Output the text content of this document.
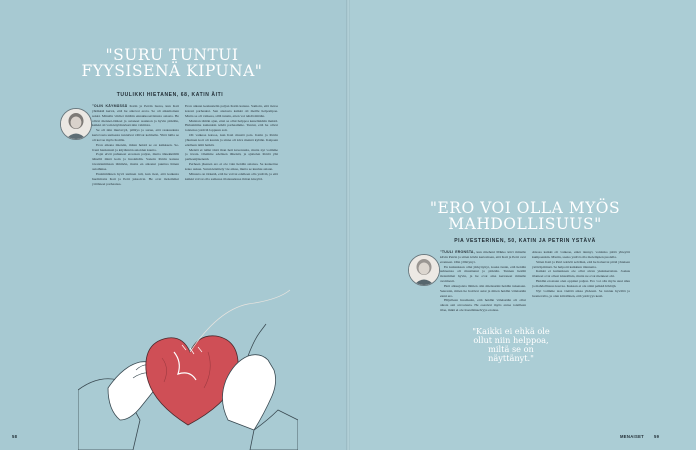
"SURU TUNTUI
FYYSISENÄ KIPUNA"

TUULIKKI HIETANEN, 68, KATIN ÄITI

"OLIN KÄYMÄSSÄ Katin ja Petrin luona, kun Kati yhtäkkiä kertoi, että he aikovat erota. Se oli aikamoinen sokki. Minulla viiriiet mitään ennakkoaavistusta asiasta. He olivat mennet-tänleet ja ostaneet asunnon ja hyvin pitkälle, kaikki oli vain käytännössä niin valmista.

Se oli niin murtavyä, pillitys ja surua, että raskaudesta kertovasta uutisesta tuntuivat välivat kolmelle. Yhtä lailla se oli kovaa myös Katille.

Eron aikana mietein, miten heistä se on kaikkeen. Se-lveni hankalasti ja käytännön asioiden kautta.

Pojat eivät puhuneet erostaan paljon, mutta äänekkäällä äänellä minä koin ja huolehdin. Sanoin Petrin kanssa tavantiemmaan lämmön, mutta en aikonut puuttua hänen asioihinsa.

Ensimmäinen hyvä uutinen tuli, kun tiesi, että kaikesta huolimatta Kati ja Petri jaksoivat. He ovat molemmat yrittäneet parhaansa.

Eron aikaan keskustelin paljon Katin kanssa. Samoin, että tietoa kotoni parhaaksi. Sen ansiosta kaikki oli meille helpompaa. Mutta se oli vaikeaa, sillä tunsin, etten voi tehdä mitään.

Muistan tämän ajan, ettei se ollut helppoa kenellekään meistä. Halusimme kuitenkin tehdä parhaamme. Tuntui, että he olivat toistensa ystäviä loppuun asti.

Oli vaikeaa katsoa, kun Kati muutti pois. Katin ja Petrin yhteinen koti oli kaunis ja sinne oli kiva mennä kylään. Kaipaan edelleen niitä hetkiä.

Meistä ei tullut tästä ihan heti kaveruutta, mutta nyt voimme jo tavata. Olemme edelleen läheisiä, ja ajattelen Petriä yhä perheenjäsenenä.

Perheen jäsenen ero ei ole vain heidän asiansa. Se koskettaa koko sukua. Surun käsittely vie aikaa, mutta se kuuluu asiaan.

Minusta on tärkeää, että he voivat edelleen olla ystäviä, ja että kaikki voivat olla samassa tilaisuudessa ilman kireyttä.

58
"ERO VOI OLLA MYÖS
MAHDOLLISUUS"

PIA VESTERINEN, 50, KATIN JA PETRIN YSTÄVÄ

"TUULI ERONSTA, kun mieheni Mikko kävi minulle kävin Petrin ja sitten kävin kertomaan, että Kati ja Petri ovat eronneet. Olin yllättynyt.

En kuitenkaan ollut järkyttynyt, koska tiesin, että heidän suhteensa oli muuttunut jo pitkään. Tunnen heidät molemmat hyvin, ja he ovat aina kertoneet minulle avoimesti.

Heti alkuajoista lähtien olin mielessäni heidän tukenaan. Seurasin, miten he hoitivat asiat ja miten heidän väleissään eteni ero.

Hiljalleen huomasin, että heidän väleissään oli ollut alusta asti arvostusta. He osasivat myös antaa toisilleen tilaa, mikä ei ole itsestäänselvyys eroissa.

"Kaikki ei ehkä ole ollut niin helppoa, miltä se on näyttänyt."

Alussa kaikki oli vaikeaa, enkä tiennyt, voisinko pitää yhteyttä kumpaankin. Mietin, saako ystävä olla molempien puolella.

Sitten Kati ja Petri tekivät selväksi, että he haluavat pitää yhteisen ystäväpiirinsä. Se helpotti kaikkien tilannetta.

Kaikki ei kuitenkaan ole ollut aivan yksinkertaista. Joskus tilanteet ovat olleet kiusallisia, mutta ne ovat menneet ohi.

Heidän erostaan olen oppinut paljon. Ero voi olla myös uusi alku ja mahdollisuus kasvaa. Kukaan ei ole siinä pelkkä häviäjä.

Nyt voimme taas viettää aikaa yhdessä. Se tuntuu hyvältä ja luontevalta, ja olen kiitollinen, että ystävyys kesti.

MENAISET 59
